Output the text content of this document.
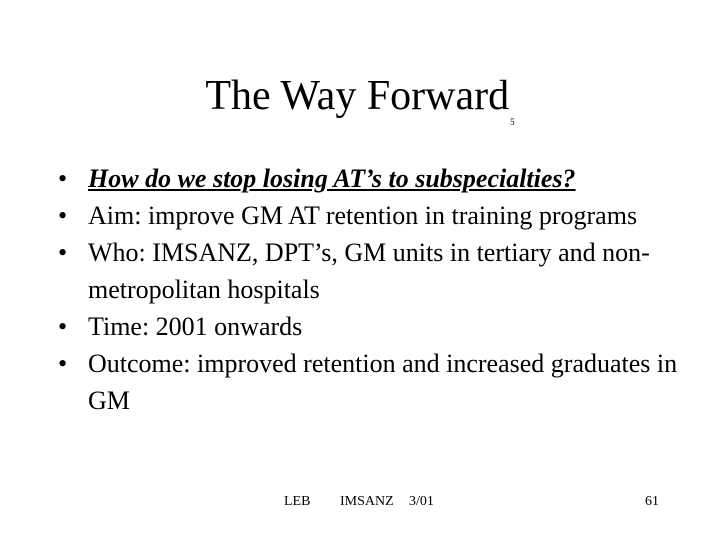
The Way Forward$^5$
• How do we stop losing AT’s to subspecialties?
• Aim: improve GM AT retention in training programs
• Who: IMSANZ, DPT’s, GM units in tertiary and non- metropolitan hospitals
• Time: 2001 onwards
• Outcome: improved retention and increased graduates in GM
LEB IMSANZ 3/01	61
